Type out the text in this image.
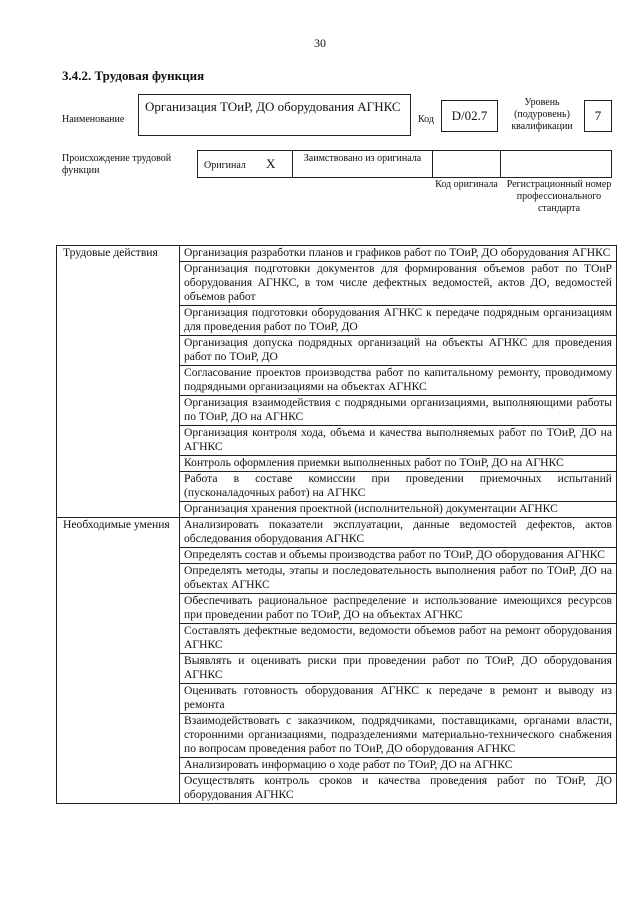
30
3.4.2. Трудовая функция
Наименование
Организация ТОиР, ДО оборудования АГНКС
Код	D/02.7
Уровень (подуровень) квалификации
7
Происхождение трудовой функции	Оригинал X	Заимствовано из оригинала
Код оригинала Регистрационный номер профессионального стандарта
Трудовые действия	Организация разработки планов и графиков работ по ТОиР, ДО оборудования АГНКС
	Организация подготовки документов для формирования объемов работ по ТОиР оборудования АГНКС, в том числе дефектных ведомостей, актов ДО, ведомостей объемов работ
	Организация подготовки оборудования АГНКС к передаче подрядным организациям для проведения работ по ТОиР, ДО
	Организация допуска подрядных организаций на объекты АГНКС для проведения работ по ТОиР, ДО
	Согласование проектов производства работ по капитальному ремонту, проводимому подрядными организациями на объектах АГНКС
	Организация взаимодействия с подрядными организациями, выполняющими работы по ТОиР, ДО на АГНКС
	Организация контроля хода, объема и качества выполняемых работ по ТОиР, ДО на АГНКС
	Контроль оформления приемки выполненных работ по ТОиР, ДО на АГНКС
	Работа в составе комиссии при проведении приемочных испытаний (пусконаладочных работ) на АГНКС
	Организация хранения проектной (исполнительной) документации АГНКС
Необходимые умения	Анализировать показатели эксплуатации, данные ведомостей дефектов, актов обследования оборудования АГНКС
	Определять состав и объемы производства работ по ТОиР, ДО оборудования АГНКС
	Определять методы, этапы и последовательность выполнения работ по ТОиР, ДО на объектах АГНКС
	Обеспечивать рациональное распределение и использование имеющихся ресурсов при проведении работ по ТОиР, ДО на объектах АГНКС
	Составлять дефектные ведомости, ведомости объемов работ на ремонт оборудования АГНКС
	Выявлять и оценивать риски при проведении работ по ТОиР, ДО оборудования АГНКС
	Оценивать готовность оборудования АГНКС к передаче в ремонт и выводу из ремонта
	Взаимодействовать с заказчиком, подрядчиками, поставщиками, органами власти, сторонними организациями, подразделениями материально-технического снабжения по вопросам проведения работ по ТОиР, ДО оборудования АГНКС
	Анализировать информацию о ходе работ по ТОиР, ДО на АГНКС
	Осуществлять контроль сроков и качества проведения работ по ТОиР, ДО оборудования АГНКС
